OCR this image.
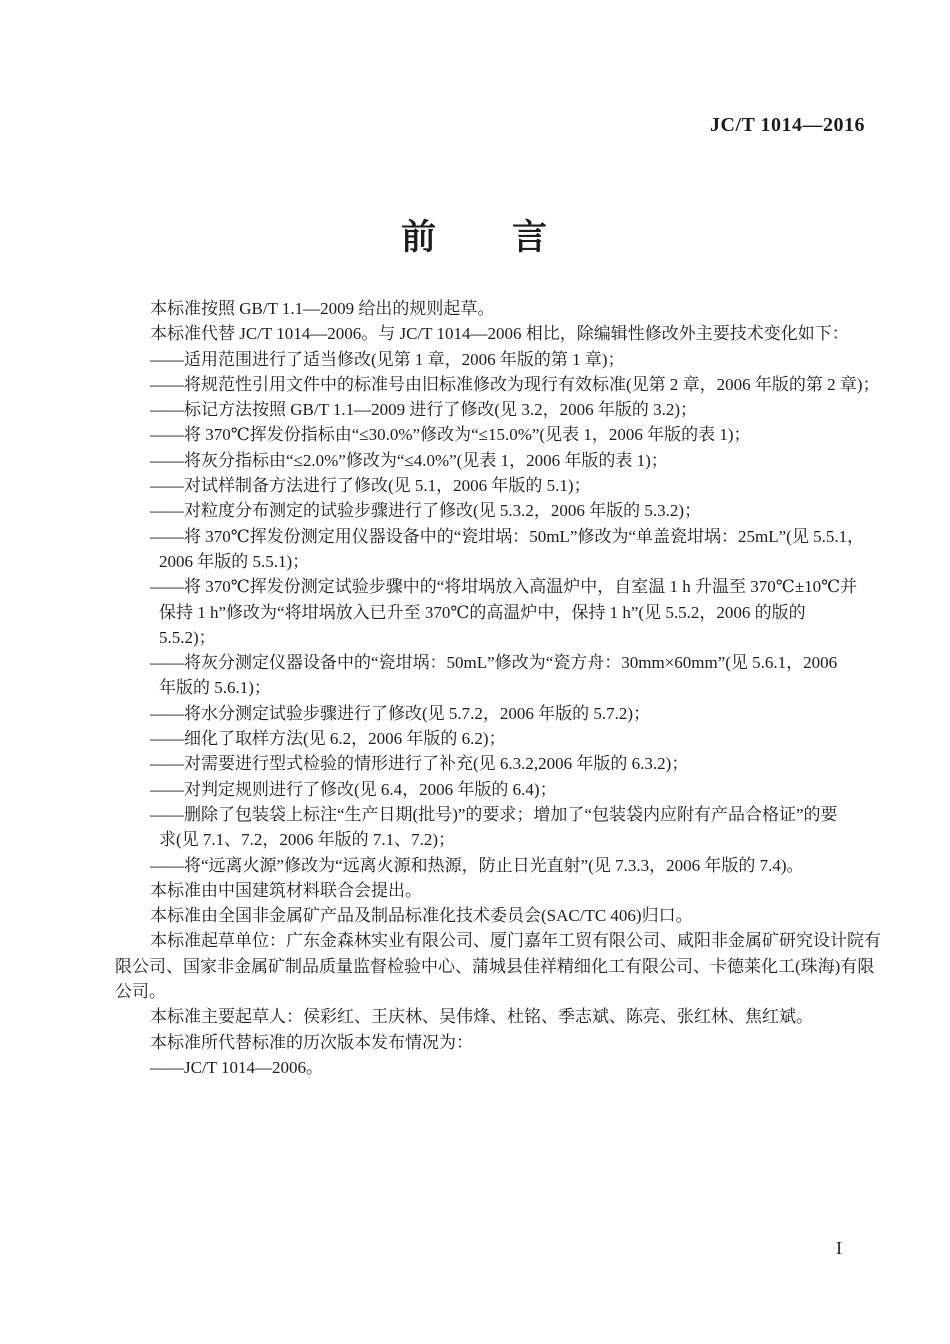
JC/T 1014—2016
前　　言
本标准按照 GB/T 1.1—2009 给出的规则起草。
本标准代替 JC/T 1014—2006。与 JC/T 1014—2006 相比，除编辑性修改外主要技术变化如下：
——适用范围进行了适当修改(见第 1 章，2006 年版的第 1 章)；
——将规范性引用文件中的标准号由旧标准修改为现行有效标准(见第 2 章，2006 年版的第 2 章)；
——标记方法按照 GB/T 1.1—2009 进行了修改(见 3.2，2006 年版的 3.2)；
——将 370℃挥发份指标由“≤30.0%”修改为“≤15.0%”(见表 1，2006 年版的表 1)；
——将灰分指标由“≤2.0%”修改为“≤4.0%”(见表 1，2006 年版的表 1)；
——对试样制备方法进行了修改(见 5.1，2006 年版的 5.1)；
——对粒度分布测定的试验步骤进行了修改(见 5.3.2，2006 年版的 5.3.2)；
——将 370℃挥发份测定用仪器设备中的“瓷坩埚：50mL”修改为“单盖瓷坩埚：25mL”(见 5.5.1，
2006 年版的 5.5.1)；
——将 370℃挥发份测定试验步骤中的“将坩埚放入高温炉中，自室温 1 h 升温至 370℃±10℃并
保持 1 h”修改为“将坩埚放入已升至 370℃的高温炉中，保持 1 h”(见 5.5.2，2006 的版的
5.5.2)；
——将灰分测定仪器设备中的“瓷坩埚：50mL”修改为“瓷方舟：30mm×60mm”(见 5.6.1，2006
年版的 5.6.1)；
——将水分测定试验步骤进行了修改(见 5.7.2，2006 年版的 5.7.2)；
——细化了取样方法(见 6.2，2006 年版的 6.2)；
——对需要进行型式检验的情形进行了补充(见 6.3.2,2006 年版的 6.3.2)；
——对判定规则进行了修改(见 6.4，2006 年版的 6.4)；
——删除了包装袋上标注“生产日期(批号)”的要求；增加了“包装袋内应附有产品合格证”的要
求(见 7.1、7.2，2006 年版的 7.1、7.2)；
——将“远离火源”修改为“远离火源和热源，防止日光直射”(见 7.3.3，2006 年版的 7.4)。
本标准由中国建筑材料联合会提出。
本标准由全国非金属矿产品及制品标准化技术委员会(SAC/TC 406)归口。
本标准起草单位：广东金森林实业有限公司、厦门嘉年工贸有限公司、咸阳非金属矿研究设计院有
限公司、国家非金属矿制品质量监督检验中心、蒲城县佳祥精细化工有限公司、卡德莱化工(珠海)有限
公司。
本标准主要起草人：侯彩红、王庆林、吴伟烽、杜铭、季志斌、陈亮、张红林、焦红斌。
本标准所代替标准的历次版本发布情况为：
——JC/T 1014—2006。
I
